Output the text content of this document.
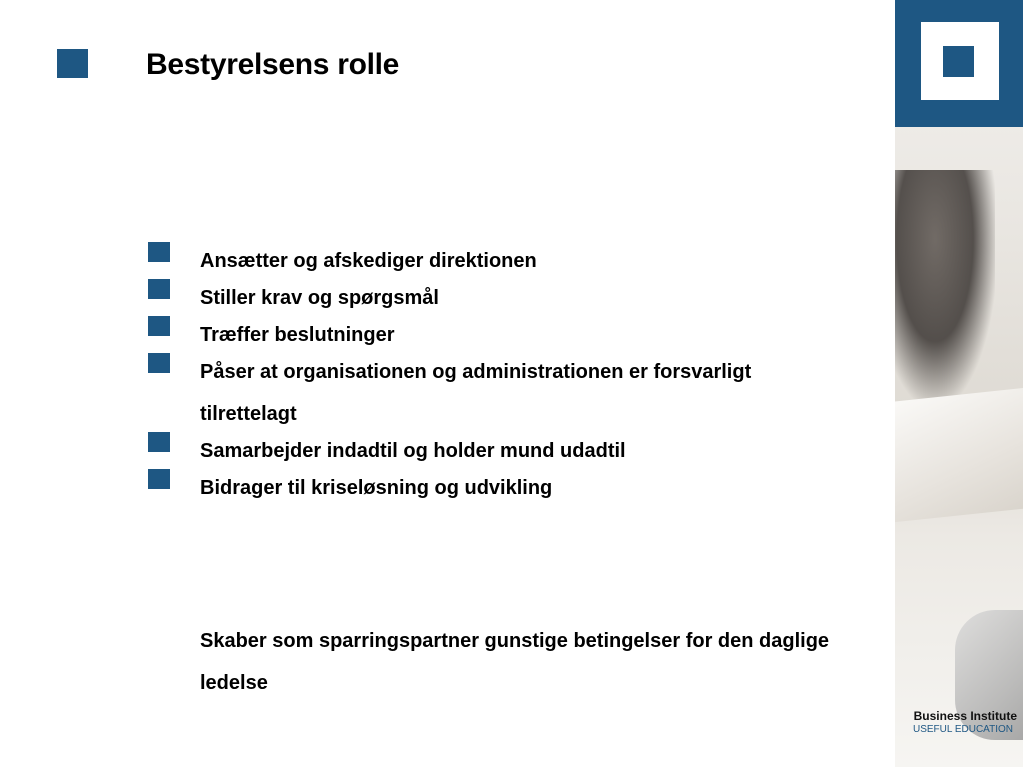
Bestyrelsens rolle
Ansætter og afskediger direktionen
Stiller krav og spørgsmål
Træffer beslutninger
Påser at organisationen og administrationen er forsvarligt tilrettelagt
Samarbejder indadtil og holder mund udadtil
Bidrager til kriseløsning og udvikling
Skaber som sparringspartner gunstige betingelser for den daglige ledelse
Business Institute
USEFUL EDUCATION
